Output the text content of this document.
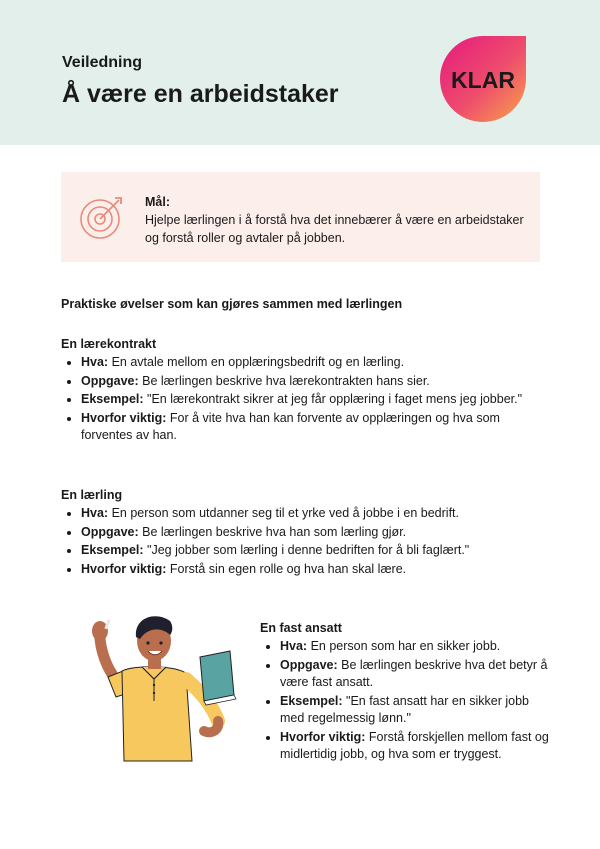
Veiledning
Å være en arbeidstaker	KLAR
Mål:
Hjelpe lærlingen i å forstå hva det innebærer å være en arbeidstaker og forstå roller og avtaler på jobben.
Praktiske øvelser som kan gjøres sammen med lærlingen
En lærekontrakt
• Hva: En avtale mellom en opplæringsbedrift og en lærling.
• Oppgave: Be lærlingen beskrive hva lærekontrakten hans sier.
• Eksempel: "En lærekontrakt sikrer at jeg får opplæring i faget mens jeg jobber."
• Hvorfor viktig: For å vite hva han kan forvente av opplæringen og hva som forventes av han.
En lærling
• Hva: En person som utdanner seg til et yrke ved å jobbe i en bedrift.
• Oppgave: Be lærlingen beskrive hva han som lærling gjør.
• Eksempel: "Jeg jobber som lærling i denne bedriften for å bli faglært."
• Hvorfor viktig: Forstå sin egen rolle og hva han skal lære.
En fast ansatt
• Hva: En person som har en sikker jobb.
• Oppgave: Be lærlingen beskrive hva det betyr å være fast ansatt.
• Eksempel: "En fast ansatt har en sikker jobb med regelmessig lønn."
• Hvorfor viktig: Forstå forskjellen mellom fast og midlertidig jobb, og hva som er tryggest.
